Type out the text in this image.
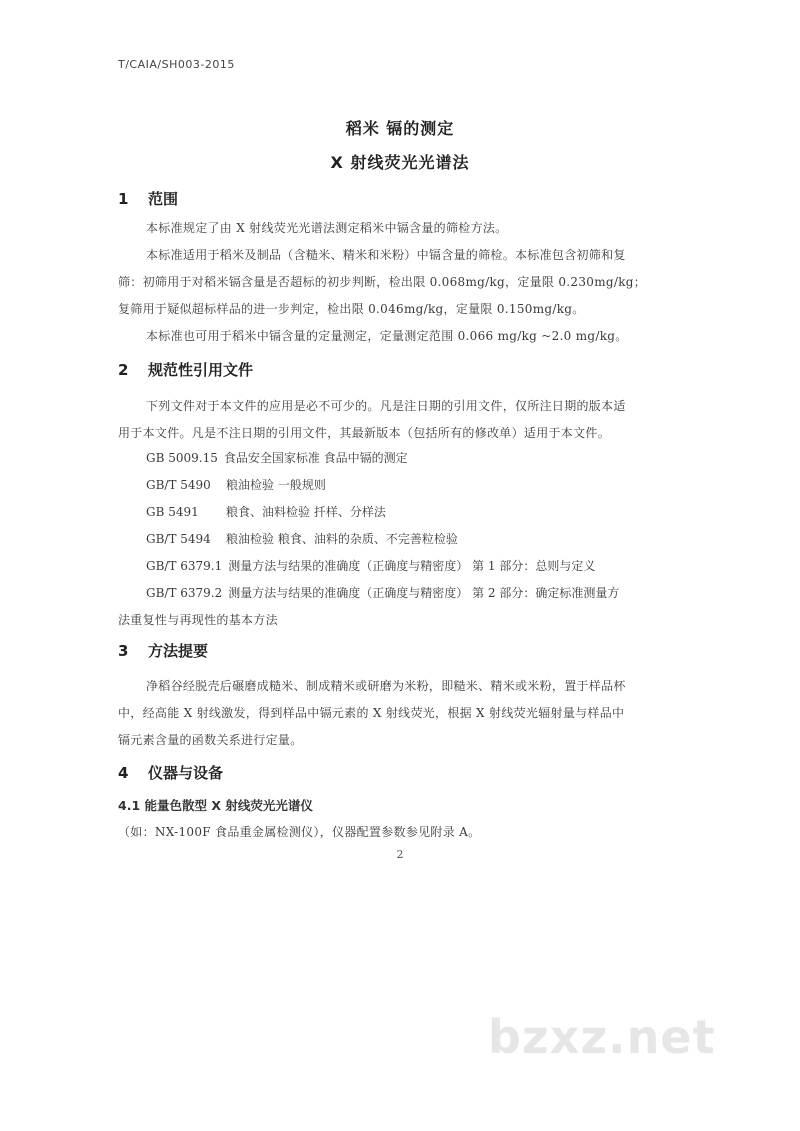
T/CAIA/SH003-2015
稻米 镉的测定
X 射线荧光光谱法
1 范围
本标准规定了由 X 射线荧光光谱法测定稻米中镉含量的筛检方法。
本标准适用于稻米及制品（含糙米、精米和米粉）中镉含量的筛检。本标准包含初筛和复
筛：初筛用于对稻米镉含量是否超标的初步判断，检出限 0.068mg/kg，定量限 0.230mg/kg；
复筛用于疑似超标样品的进一步判定，检出限 0.046mg/kg，定量限 0.150mg/kg。
本标准也可用于稻米中镉含量的定量测定，定量测定范围 0.066 mg/kg ~2.0 mg/kg。
2 规范性引用文件
下列文件对于本文件的应用是必不可少的。凡是注日期的引用文件，仅所注日期的版本适
用于本文件。凡是不注日期的引用文件，其最新版本（包括所有的修改单）适用于本文件。
GB 5009.15 食品安全国家标准 食品中镉的测定
GB/T 5490 粮油检验 一般规则
GB 5491 粮食、油料检验 扦样、分样法
GB/T 5494 粮油检验 粮食、油料的杂质、不完善粒检验
GB/T 6379.1 测量方法与结果的准确度（正确度与精密度） 第 1 部分：总则与定义
GB/T 6379.2 测量方法与结果的准确度（正确度与精密度） 第 2 部分：确定标准测量方
法重复性与再现性的基本方法
3 方法提要
净稻谷经脱壳后碾磨成糙米、制成精米或研磨为米粉，即糙米、精米或米粉，置于样品杯
中，经高能 X 射线激发，得到样品中镉元素的 X 射线荧光，根据 X 射线荧光辐射量与样品中
镉元素含量的函数关系进行定量。
4 仪器与设备
4.1 能量色散型 X 射线荧光光谱仪
（如：NX-100F 食品重金属检测仪），仪器配置参数参见附录 A。
2
bzxz.net
